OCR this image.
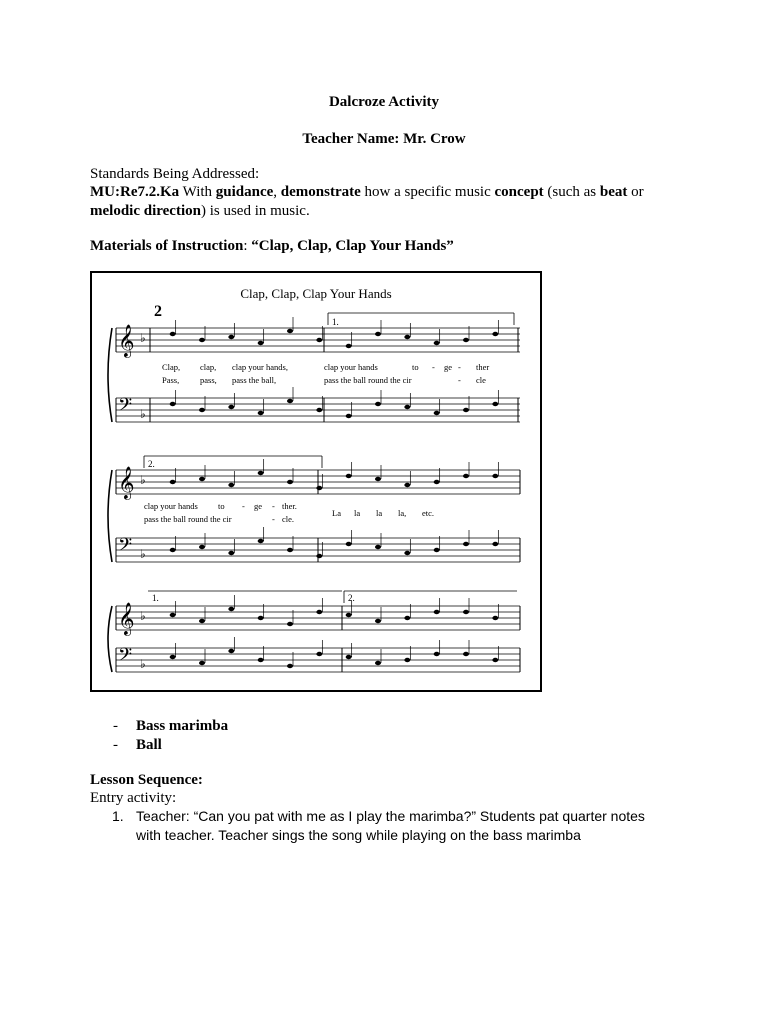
Dalcroze Activity
Teacher Name: Mr. Crow
Standards Being Addressed:
MU:Re7.2.Ka With guidance, demonstrate how a specific music concept (such as beat or
melodic direction) is used in music.
Materials of Instruction: “Clap, Clap, Clap Your Hands”
Clap, Clap, Clap Your Hands
2
𝄞 ♭
𝄢 ♭
𝄞 ♭
𝄢 ♭
𝄞 ♭
𝄢 ♭
1.
2.
1.	2.
Clap, clap, clap your hands,	clap your hands	to - ge - ther
Pass, pass, pass the ball,	pass the ball round the cir	- cle
clap your hands to - ge - ther.
pass the ball round the cir	- cle.
La la la la, etc.
- Bass marimba
- Ball
Lesson Sequence:
Entry activity:
1. Teacher: “Can you pat with me as I play the marimba?” Students pat quarter notes with teacher. Teacher sings the song while playing on the bass marimba
